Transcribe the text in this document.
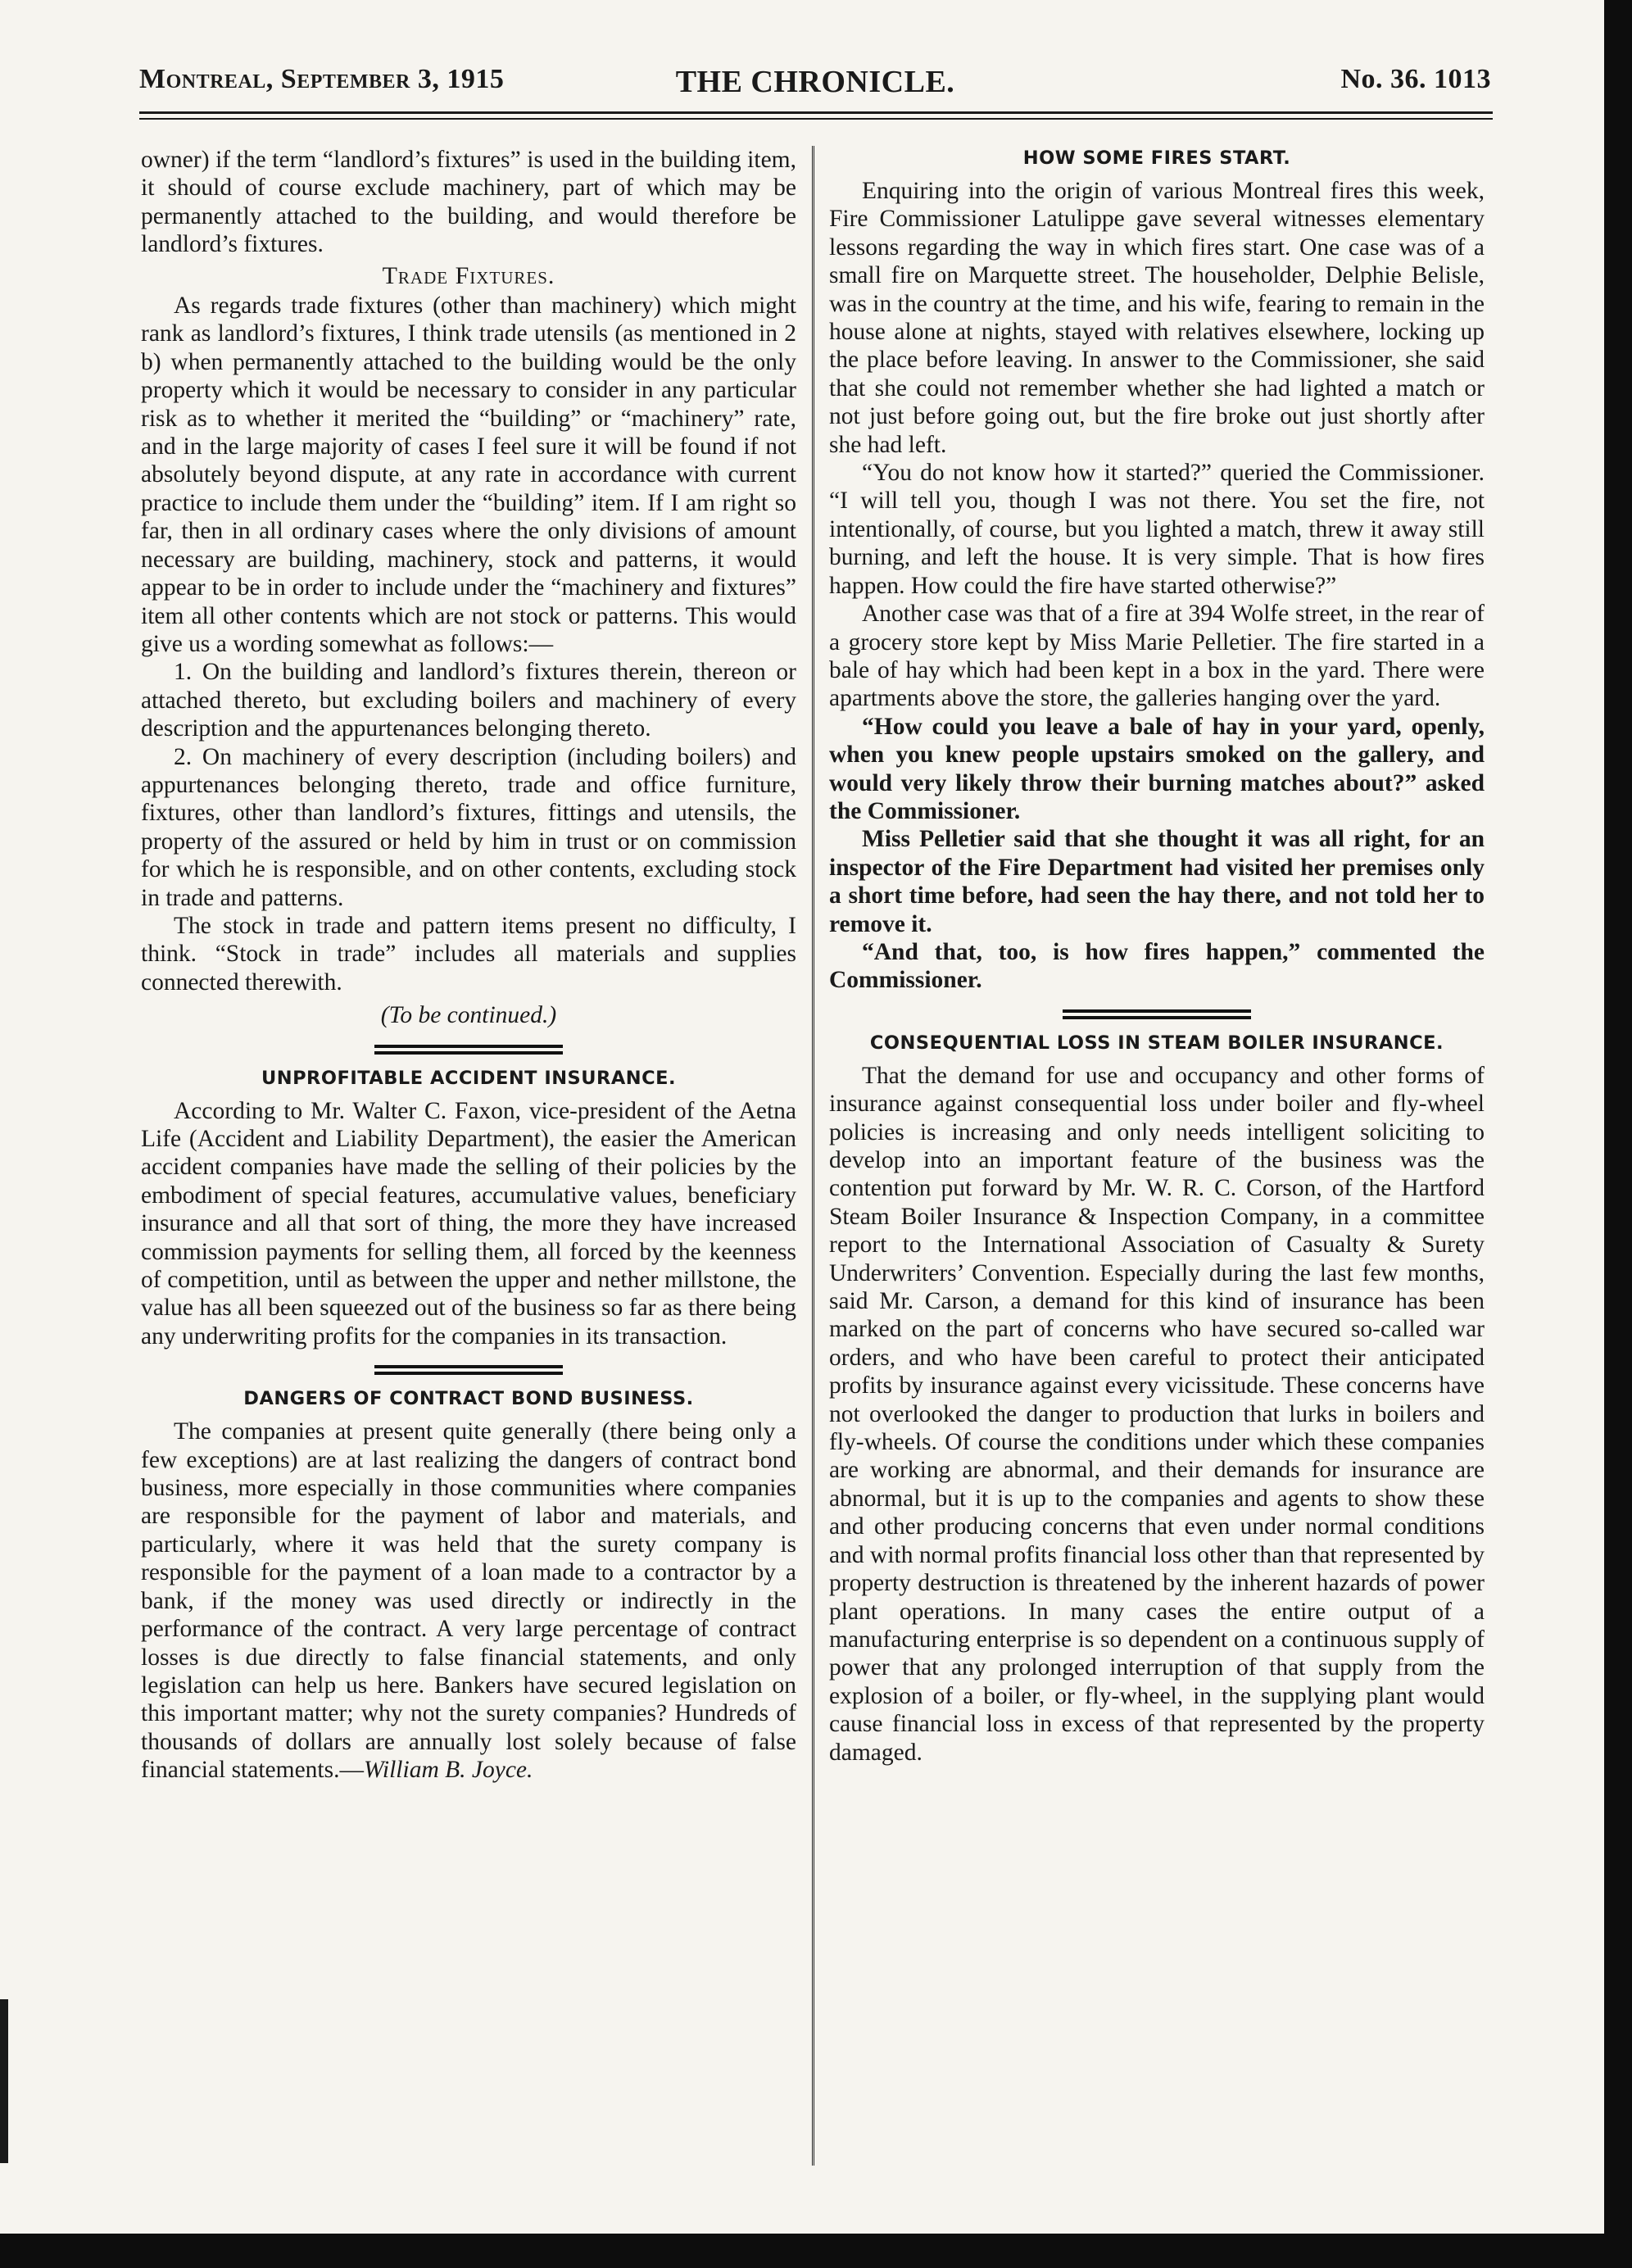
Montreal, September 3, 1915	THE CHRONICLE.	No. 36. 1013

owner) if the term “landlord’s fixtures” is used in the building item, it should of course exclude machinery, part of which may be permanently attached to the building, and would therefore be landlord’s fixtures.

Trade Fixtures.

As regards trade fixtures (other than machinery) which might rank as landlord’s fixtures, I think trade utensils (as mentioned in 2 b) when permanently attached to the building would be the only property which it would be necessary to consider in any particular risk as to whether it merited the “building” or “machinery” rate, and in the large majority of cases I feel sure it will be found if not absolutely beyond dispute, at any rate in accordance with current practice to include them under the “building” item. If I am right so far, then in all ordinary cases where the only divisions of amount necessary are building, machinery, stock and patterns, it would appear to be in order to include under the “machinery and fixtures” item all other contents which are not stock or patterns. This would give us a wording somewhat as follows:—

1. On the building and landlord’s fixtures therein, thereon or attached thereto, but excluding boilers and machinery of every description and the appurtenances belonging thereto.

2. On machinery of every description (including boilers) and appurtenances belonging thereto, trade and office furniture, fixtures, other than landlord’s fixtures, fittings and utensils, the property of the assured or held by him in trust or on commission for which he is responsible, and on other contents, excluding stock in trade and patterns.

The stock in trade and pattern items present no difficulty, I think. “Stock in trade” includes all materials and supplies connected therewith.

(To be continued.)
UNPROFITABLE ACCIDENT INSURANCE.

According to Mr. Walter C. Faxon, vice-president of the Aetna Life (Accident and Liability Department), the easier the American accident companies have made the selling of their policies by the embodiment of special features, accumulative values, beneficiary insurance and all that sort of thing, the more they have increased commission payments for selling them, all forced by the keenness of competition, until as between the upper and nether millstone, the value has all been squeezed out of the business so far as there being any underwriting profits for the companies in its transaction.

DANGERS OF CONTRACT BOND BUSINESS.

The companies at present quite generally (there being only a few exceptions) are at last realizing the dangers of contract bond business, more especially in those communities where companies are responsible for the payment of labor and materials, and particularly, where it was held that the surety company is responsible for the payment of a loan made to a contractor by a bank, if the money was used directly or indirectly in the performance of the contract. A very large percentage of contract losses is due directly to false financial statements, and only legislation can help us here. Bankers have secured legislation on this important matter; why not the surety companies? Hundreds of thousands of dollars are annually lost solely because of false financial statements.—William B. Joyce.

HOW SOME FIRES START.

Enquiring into the origin of various Montreal fires this week, Fire Commissioner Latulippe gave several witnesses elementary lessons regarding the way in which fires start. One case was of a small fire on Marquette street. The householder, Delphie Belisle, was in the country at the time, and his wife, fearing to remain in the house alone at nights, stayed with relatives elsewhere, locking up the place before leaving. In answer to the Commissioner, she said that she could not remember whether she had lighted a match or not just before going out, but the fire broke out just shortly after she had left.

“You do not know how it started?” queried the Commissioner. “I will tell you, though I was not there. You set the fire, not intentionally, of course, but you lighted a match, threw it away still burning, and left the house. It is very simple. That is how fires happen. How could the fire have started otherwise?”

Another case was that of a fire at 394 Wolfe street, in the rear of a grocery store kept by Miss Marie Pelletier. The fire started in a bale of hay which had been kept in a box in the yard. There were apartments above the store, the galleries hanging over the yard.

“How could you leave a bale of hay in your yard, openly, when you knew people upstairs smoked on the gallery, and would very likely throw their burning matches about?” asked the Commissioner.

Miss Pelletier said that she thought it was all right, for an inspector of the Fire Department had visited her premises only a short time before, had seen the hay there, and not told her to remove it.

“And that, too, is how fires happen,” commented the Commissioner.

CONSEQUENTIAL LOSS IN STEAM BOILER INSURANCE.

That the demand for use and occupancy and other forms of insurance against consequential loss under boiler and fly-wheel policies is increasing and only needs intelligent soliciting to develop into an important feature of the business was the contention put forward by Mr. W. R. C. Corson, of the Hartford Steam Boiler Insurance & Inspection Company, in a committee report to the International Association of Casualty & Surety Underwriters’ Convention. Especially during the last few months, said Mr. Carson, a demand for this kind of insurance has been marked on the part of concerns who have secured so-called war orders, and who have been careful to protect their anticipated profits by insurance against every vicissitude. These concerns have not overlooked the danger to production that lurks in boilers and fly-wheels. Of course the conditions under which these companies are working are abnormal, and their demands for insurance are abnormal, but it is up to the companies and agents to show these and other producing concerns that even under normal conditions and with normal profits financial loss other than that represented by property destruction is threatened by the inherent hazards of power plant operations. In many cases the entire output of a manufacturing enterprise is so dependent on a continuous supply of power that any prolonged interruption of that supply from the explosion of a boiler, or fly-wheel, in the supplying plant would cause financial loss in excess of that represented by the property damaged.
